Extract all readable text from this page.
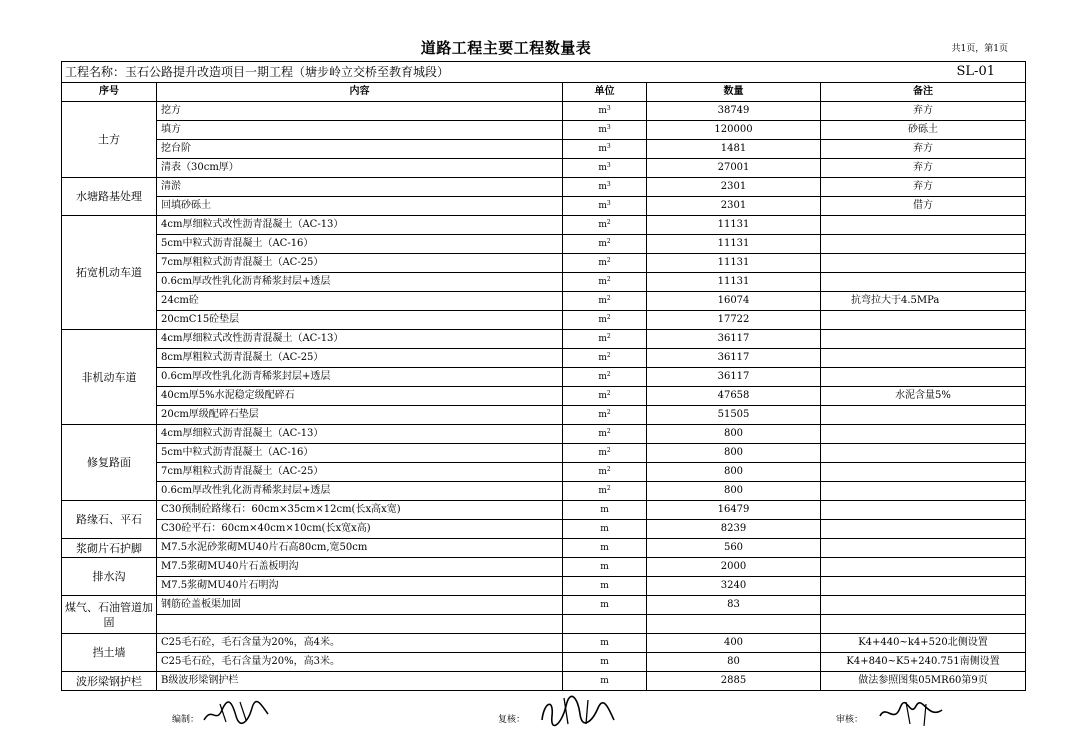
道路工程主要工程数量表	共1页，第1页
工程名称：玉石公路提升改造项目一期工程（塘步岭立交桥至教育城段） SL-01				

序号	内容	单位	数量	备注
土方	挖方	$m^3$	38749	弃方
	填方	$m^3$	120000	砂砾土
	挖台阶	$m^3$	1481	弃方
	清表（30cm厚）	$m^3$	27001	弃方
水塘路基处理	清淤	$m^3$	2301	弃方
	回填砂砾土	$m^3$	2301	借方
拓宽机动车道	4cm厚细粒式改性沥青混凝土（AC-13）	$m^2$	11131	
	5cm中粒式沥青混凝土（AC-16）	$m^2$	11131	
	7cm厚粗粒式沥青混凝土（AC-25）	$m^2$	11131	
	0.6cm厚改性乳化沥青稀浆封层+透层	$m^2$	11131	
	24cm砼	$m^2$	16074	抗弯拉大于4.5MPa
	20cmC15砼垫层	$m^2$	17722	
非机动车道	4cm厚细粒式改性沥青混凝土（AC-13）	$m^2$	36117	
	8cm厚粗粒式沥青混凝土（AC-25）	$m^2$	36117	
	0.6cm厚改性乳化沥青稀浆封层+透层	$m^2$	36117	
	40cm厚5%水泥稳定级配碎石	$m^2$	47658	水泥含量5%
	20cm厚级配碎石垫层	$m^2$	51505	
修复路面	4cm厚细粒式沥青混凝土（AC-13）	$m^2$	800	
	5cm中粒式沥青混凝土（AC-16）	$m^2$	800	
	7cm厚粗粒式沥青混凝土（AC-25）	$m^2$	800	
	0.6cm厚改性乳化沥青稀浆封层+透层	$m^2$	800	
路缘石、平石	C30预制砼路缘石：60cm×35cm×12cm(长x高x宽)	m	16479	
	C30砼平石：60cm×40cm×10cm(长x宽x高)	m	8239	
浆砌片石护脚	M7.5水泥砂浆砌MU40片石高80cm,宽50cm	m	560	
排水沟	M7.5浆砌MU40片石盖板明沟	m	2000	
	M7.5浆砌MU40片石明沟	m	3240	
煤气、石油管道加固	钢筋砼盖板渠加固	m	83	

挡土墙	C25毛石砼，毛石含量为20%，高4米。	m	400	K4+440~k4+520北侧设置
	C25毛石砼，毛石含量为20%，高3米。	m	80	K4+840~K5+240.751南侧设置
波形梁钢护栏	B级波形梁钢护栏	m	2885	做法参照图集05MR60第9页
编制：	复核：	审核：
